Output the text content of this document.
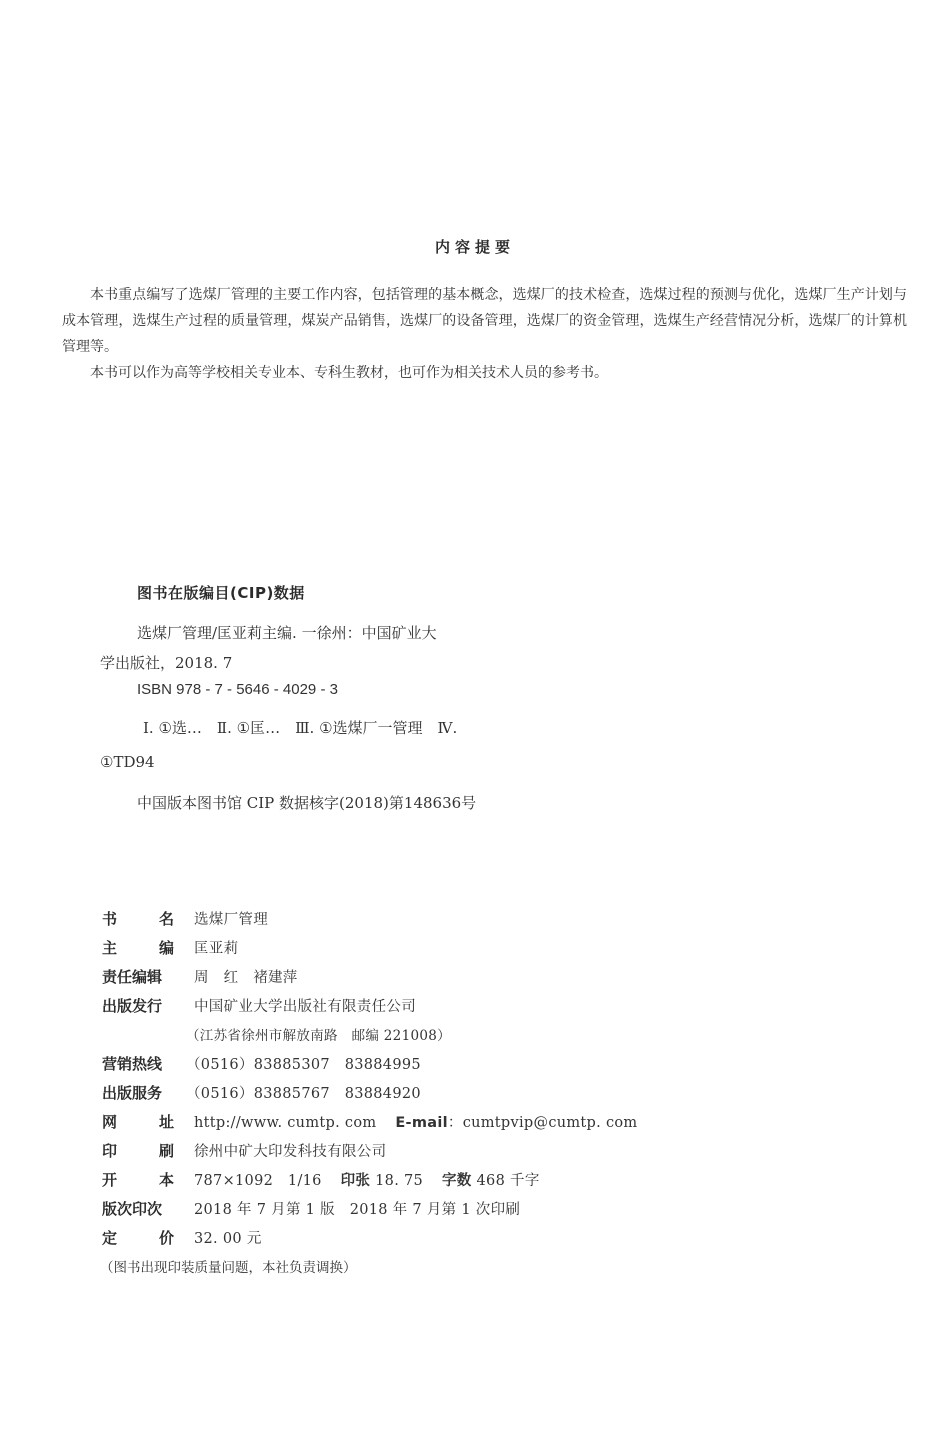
内容提要

本书重点编写了选煤厂管理的主要工作内容，包括管理的基本概念，选煤厂的技术检查，选煤过程的预测与优化，选煤厂生产计划与成本管理，选煤生产过程的质量管理，煤炭产品销售，选煤厂的设备管理，选煤厂的资金管理，选煤生产经营情况分析，选煤厂的计算机管理等。

本书可以作为高等学校相关专业本、专科生教材，也可作为相关技术人员的参考书。

图书在版编目(CIP)数据
选煤厂管理/匡亚莉主编. 一徐州：中国矿业大
学出版社，2018. 7
ISBN 978 - 7 - 5646 - 4029 - 3
Ⅰ. ①选…　Ⅱ. ①匡…　Ⅲ. ①选煤厂一管理　Ⅳ.
①TD94
中国版本图书馆 CIP 数据核字(2018)第148636号
书	名 选煤厂管理
主	编 匡亚莉
责任编辑	周　红　褚建萍
出版发行	中国矿业大学出版社有限责任公司
（江苏省徐州市解放南路　邮编 221008）
营销热线	（0516）83885307　83884995
出版服务	（0516）83885767　83884920
网	址 http://www. cumtp. com E-mail：cumtpvip@cumtp. com
印	刷 徐州中矿大印发科技有限公司
开	本 787×1092　1/16 印张 18. 75 字数 468 千字
版次印次	2018 年 7 月第 1 版　2018 年 7 月第 1 次印刷
定	价 32. 00 元
（图书出现印装质量问题，本社负责调换）
